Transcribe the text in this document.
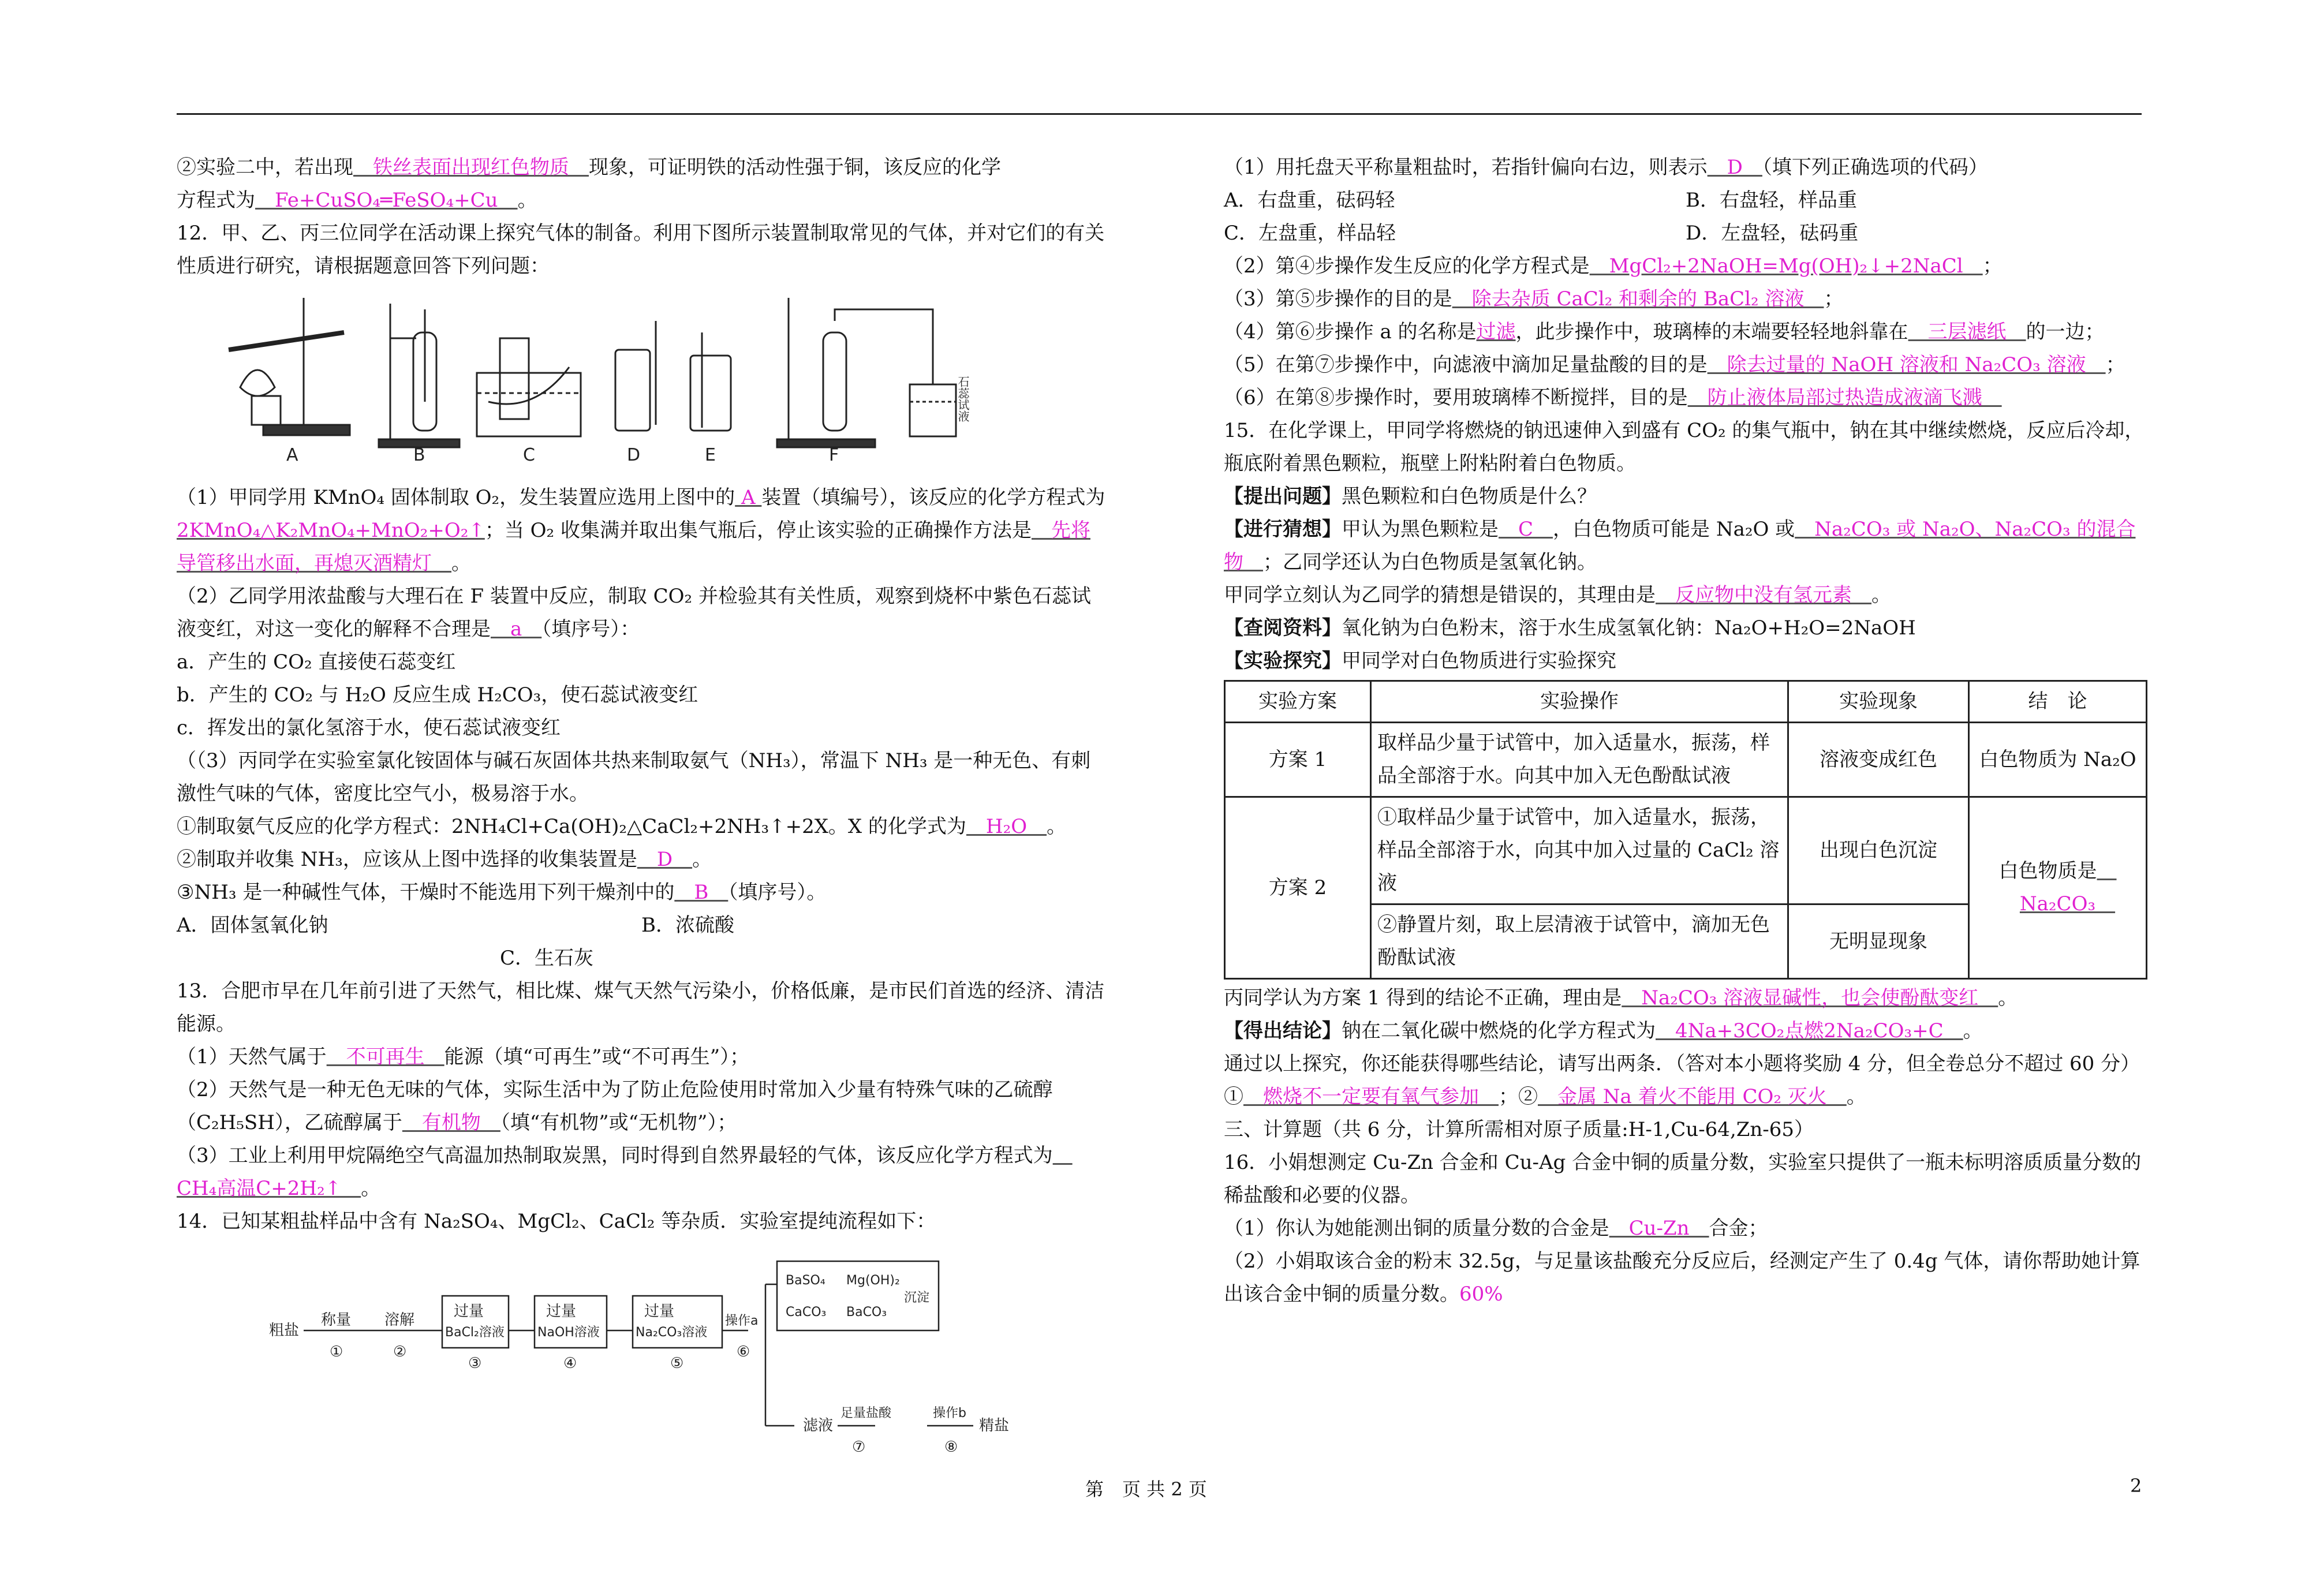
②实验二中，若出现　铁丝表面出现红色物质　现象，可证明铁的活动性强于铜，该反应的化学

方程式为　Fe+CuSO₄═FeSO₄+Cu　。

12．甲、乙、丙三位同学在活动课上探究气体的制备。利用下图所示装置制取常见的气体，并对它们的有关性质进行研究，请根据题意回答下列问题：

A	B	C	D	E	F
石蕊试液

（1）甲同学用 KMnO₄ 固体制取 O₂，发生装置应选用上图中的 A 装置（填编号），该反应的化学方程式为2KMnO₄△K₂MnO₄+MnO₂+O₂↑；当 O₂ 收集满并取出集气瓶后，停止该实验的正确操作方法是　先将导管移出水面，再熄灭酒精灯　。

（2）乙同学用浓盐酸与大理石在 F 装置中反应，制取 CO₂ 并检验其有关性质，观察到烧杯中紫色石蕊试液变红，对这一变化的解释不合理是　a　（填序号）：

a．产生的 CO₂ 直接使石蕊变红

b．产生的 CO₂ 与 H₂O 反应生成 H₂CO₃，使石蕊试液变红

c．挥发出的氯化氢溶于水，使石蕊试液变红

（（3）丙同学在实验室氯化铵固体与碱石灰固体共热来制取氨气（NH₃），常温下 NH₃ 是一种无色、有刺激性气味的气体，密度比空气小，极易溶于水。

①制取氨气反应的化学方程式：2NH₄Cl+Ca(OH)₂△CaCl₂+2NH₃↑+2X。X 的化学式为　H₂O　。

②制取并收集 NH₃，应该从上图中选择的收集装置是　D　。

③NH₃ 是一种碱性气体，干燥时不能选用下列干燥剂中的　B　（填序号）。

A．固体氢氧化钠	B．浓硫酸

C．生石灰

13．合肥市早在几年前引进了天然气，相比煤、煤气天然气污染小，价格低廉，是市民们首选的经济、清洁能源。

（1）天然气属于　不可再生　能源（填“可再生”或“不可再生”）；

（2）天然气是一种无色无味的气体，实际生活中为了防止危险使用时常加入少量有特殊气味的乙硫醇（C₂H₅SH），乙硫醇属于　有机物　（填“有机物”或“无机物”）；

（3）工业上利用甲烷隔绝空气高温加热制取炭黑，同时得到自然界最轻的气体，该反应化学方程式为　CH₄高温C+2H₂↑　。

14．已知某粗盐样品中含有 Na₂SO₄、MgCl₂、CaCl₂ 等杂质．实验室提纯流程如下：

粗盐
称量 溶解	过量
BaCl₂溶液
过量
NaOH溶液
过量
Na₂CO₃溶液
操作a
BaSO₄ Mg(OH)₂
CaCO₃ BaCO₃
沉淀
滤液
足量盐酸	操作b
精盐
①	②
③	④	⑤
⑥
⑦	⑧

（1）用托盘天平称量粗盐时，若指针偏向右边，则表示　D　（填下列正确选项的代码）

A．右盘重，砝码轻	B．右盘轻，样品重
C．左盘重，样品轻	D．左盘轻，砝码重

（2）第④步操作发生反应的化学方程式是　MgCl₂+2NaOH=Mg(OH)₂↓+2NaCl　；

（3）第⑤步操作的目的是　除去杂质 CaCl₂ 和剩余的 BaCl₂ 溶液　；

（4）第⑥步操作 a 的名称是过滤，此步操作中，玻璃棒的末端要轻轻地斜靠在　三层滤纸　的一边；

（5）在第⑦步操作中，向滤液中滴加足量盐酸的目的是　除去过量的 NaOH 溶液和 Na₂CO₃ 溶液　；

（6）在第⑧步操作时，要用玻璃棒不断搅拌，目的是　防止液体局部过热造成液滴飞溅　

15．在化学课上，甲同学将燃烧的钠迅速伸入到盛有 CO₂ 的集气瓶中，钠在其中继续燃烧，反应后冷却，瓶底附着黑色颗粒，瓶壁上附粘附着白色物质。

【提出问题】黑色颗粒和白色物质是什么？

【进行猜想】甲认为黑色颗粒是　C　，白色物质可能是 Na₂O 或　Na₂CO₃ 或 Na₂O、Na₂CO₃ 的混合物　；乙同学还认为白色物质是氢氧化钠。

甲同学立刻认为乙同学的猜想是错误的，其理由是　反应物中没有氢元素　。

【查阅资料】氧化钠为白色粉末，溶于水生成氢氧化钠：Na₂O+H₂O=2NaOH

【实验探究】甲同学对白色物质进行实验探究

实验方案	实验操作	实验现象	结　论
方案 1	取样品少量于试管中，加入适量水，振荡，样品全部溶于水。向其中加入无色酚酞试液	溶液变成红色	白色物质为 Na₂O
方案 2	①取样品少量于试管中，加入适量水，振荡，样品全部溶于水，向其中加入过量的 CaCl₂ 溶液	出现白色沉淀	白色物质是　Na₂CO₃　
	②静置片刻，取上层清液于试管中，滴加无色酚酞试液	无明显现象	

丙同学认为方案 1 得到的结论不正确，理由是　Na₂CO₃ 溶液显碱性，也会使酚酞变红　。

【得出结论】钠在二氧化碳中燃烧的化学方程式为　4Na+3CO₂点燃2Na₂CO₃+C　。

通过以上探究，你还能获得哪些结论，请写出两条．（答对本小题将奖励 4 分，但全卷总分不超过 60 分）

①　燃烧不一定要有氧气参加　；②　金属 Na 着火不能用 CO₂ 灭火　。

三、计算题（共 6 分，计算所需相对原子质量:H-1,Cu-64,Zn-65）

16．小娟想测定 Cu-Zn 合金和 Cu-Ag 合金中铜的质量分数，实验室只提供了一瓶未标明溶质质量分数的稀盐酸和必要的仪器。

（1）你认为她能测出铜的质量分数的合金是　Cu-Zn　合金；

（2）小娟取该合金的粉末 32.5g，与足量该盐酸充分反应后，经测定产生了 0.4g 气体，请你帮助她计算出该合金中铜的质量分数。60%

第　页 共 2 页	2
